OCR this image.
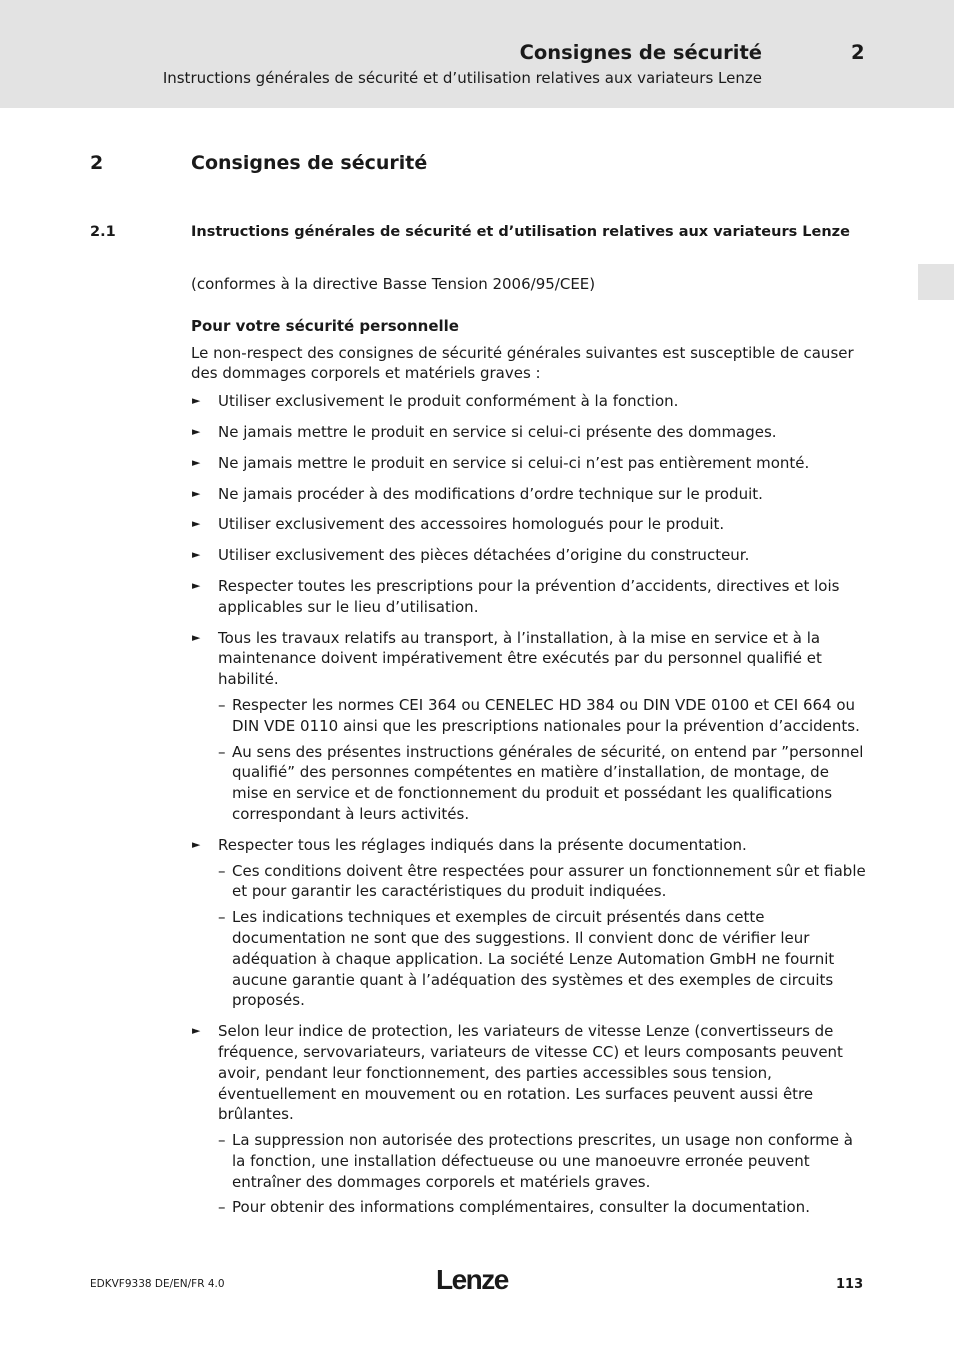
Consignes de sécurité	2
Instructions générales de sécurité et d’utilisation relatives aux variateurs Lenze
2	Consignes de sécurité
2.1	Instructions générales de sécurité et d’utilisation relatives aux variateurs Lenze

(conformes à la directive Basse Tension 2006/95/CEE)

Pour votre sécurité personnelle

Le non-respect des consignes de sécurité générales suivantes est susceptible de causer des dommages corporels et matériels graves :

► Utiliser exclusivement le produit conformément à la fonction.
► Ne jamais mettre le produit en service si celui-ci présente des dommages.
► Ne jamais mettre le produit en service si celui-ci n’est pas entièrement monté.
► Ne jamais procéder à des modifications d’ordre technique sur le produit.
► Utiliser exclusivement des accessoires homologués pour le produit.
► Utiliser exclusivement des pièces détachées d’origine du constructeur.
► Respecter toutes les prescriptions pour la prévention d’accidents, directives et lois applicables sur le lieu d’utilisation.
► Tous les travaux relatifs au transport, à l’installation, à la mise en service et à la maintenance doivent impérativement être exécutés par du personnel qualifié et habilité.
– Respecter les normes CEI 364 ou CENELEC HD 384 ou DIN VDE 0100 et CEI 664 ou DIN VDE 0110 ainsi que les prescriptions nationales pour la prévention d’accidents.
– Au sens des présentes instructions générales de sécurité, on entend par ”personnel qualifié” des personnes compétentes en matière d’installation, de montage, de mise en service et de fonctionnement du produit et possédant les qualifications correspondant à leurs activités.
► Respecter tous les réglages indiqués dans la présente documentation.
– Ces conditions doivent être respectées pour assurer un fonctionnement sûr et fiable et pour garantir les caractéristiques du produit indiquées.
– Les indications techniques et exemples de circuit présentés dans cette documentation ne sont que des suggestions. Il convient donc de vérifier leur adéquation à chaque application. La société Lenze Automation GmbH ne fournit aucune garantie quant à l’adéquation des systèmes et des exemples de circuits proposés.
► Selon leur indice de protection, les variateurs de vitesse Lenze (convertisseurs de fréquence, servovariateurs, variateurs de vitesse CC) et leurs composants peuvent avoir, pendant leur fonctionnement, des parties accessibles sous tension, éventuellement en mouvement ou en rotation. Les surfaces peuvent aussi être brûlantes.
– La suppression non autorisée des protections prescrites, un usage non conforme à la fonction, une installation défectueuse ou une manoeuvre erronée peuvent entraîner des dommages corporels et matériels graves.
– Pour obtenir des informations complémentaires, consulter la documentation.
EDKVF9338 DE/EN/FR 4.0	Lenze	113
